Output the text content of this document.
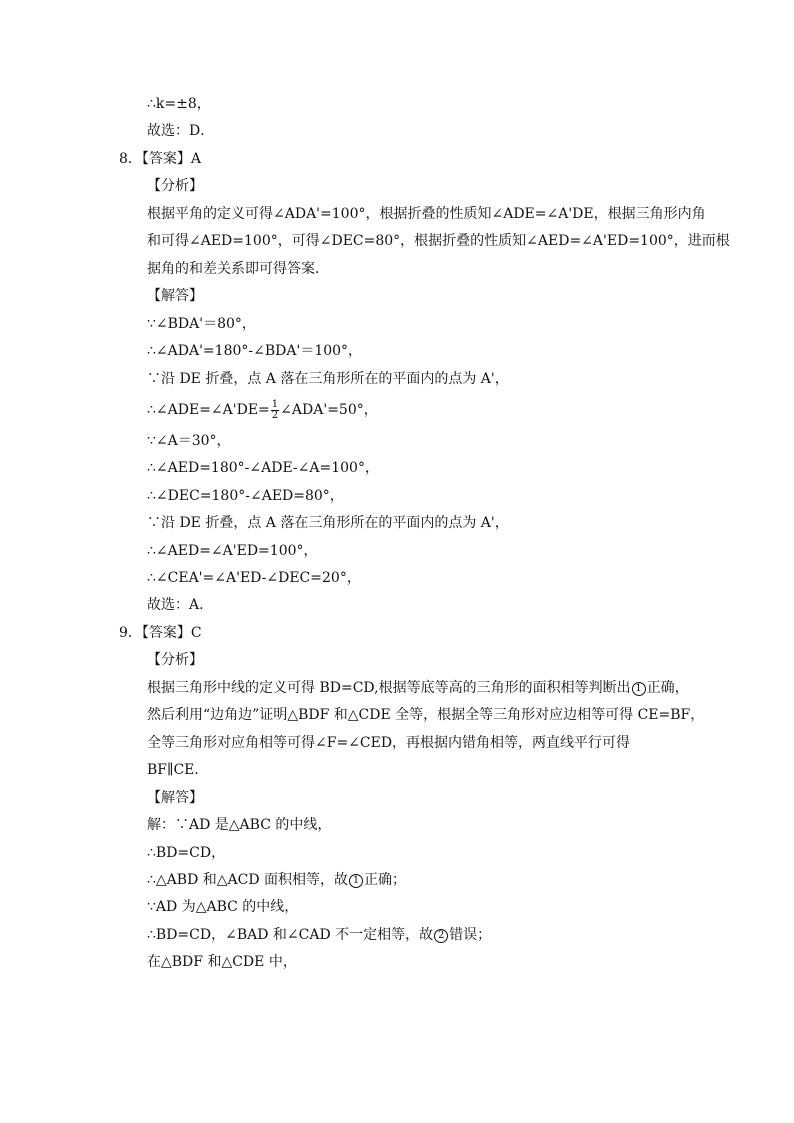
∴k=±8，
故选：D．
8．【答案】A
【分析】
根据平角的定义可得∠ADA'=100°，根据折叠的性质知∠ADE=∠A'DE，根据三角形内角
和可得∠AED=100°，可得∠DEC=80°，根据折叠的性质知∠AED=∠A'ED=100°，进而根
据角的和差关系即可得答案．
【解答】
∵∠BDA'＝80°，
∴∠ADA'=180°-∠BDA'＝100°，
∵沿 DE 折叠，点 A 落在三角形所在的平面内的点为 A'，
∴∠ADE=∠A'DE= $\frac{1}{2}$ ∠ADA'=50°，
∵∠A＝30°，
∴∠AED=180°-∠ADE-∠A=100°，
∴∠DEC=180°-∠AED=80°，
∵沿 DE 折叠，点 A 落在三角形所在的平面内的点为 A'，
∴∠AED=∠A'ED=100°，
∴∠CEA'=∠A'ED-∠DEC=20°，
故选：A．
9．【答案】C
【分析】
根据三角形中线的定义可得 BD=CD,根据等底等高的三角形的面积相等判断出 1 正确，
然后利用“边角边”证明△BDF 和△CDE 全等，根据全等三角形对应边相等可得 CE=BF，
全等三角形对应角相等可得∠F=∠CED，再根据内错角相等，两直线平行可得
BF∥CE．
【解答】
解：∵AD 是△ABC 的中线，
∴BD=CD，
∴△ABD 和△ACD 面积相等，故 1 正确；
∵AD 为△ABC 的中线，
∴BD=CD，∠BAD 和∠CAD 不一定相等，故 2 错误；
在△BDF 和△CDE 中，
